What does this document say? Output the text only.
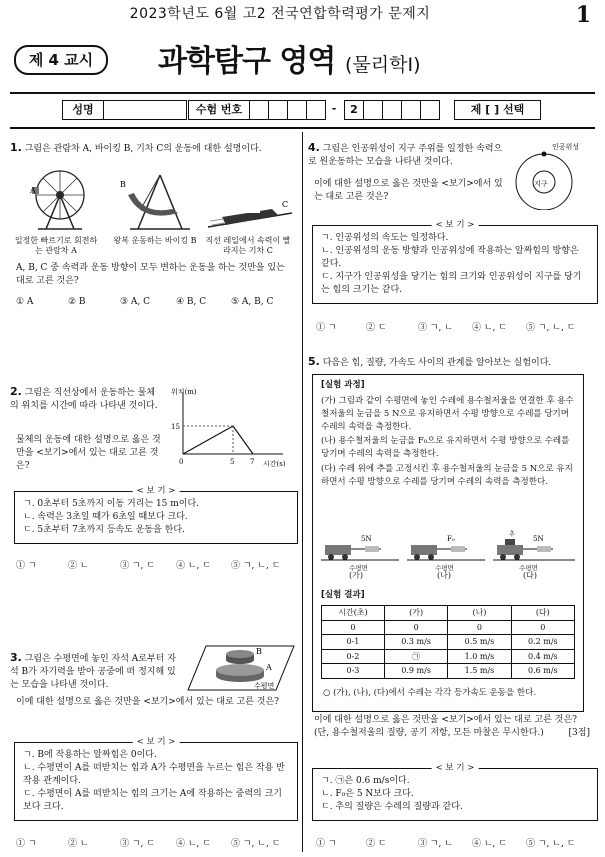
2023학년도 6월 고2 전국연합학력평가 문제지	1
제 4 교시	과학탐구 영역 (물리학Ⅰ)
성명	수험 번호	-	2	제 [ ] 선택
1. 그림은 관람차 A, 바이킹 B, 기차 C의 운동에 대한 설명이다.
A
B
C
일정한 빠르기로 회전하는 관람차 A
왕복 운동하는 바이킹 B	직선 레일에서 속력이 빨라지는 기차 C
A, B, C 중 속력과 운동 방향이 모두 변하는 운동을 하는 것만을 있는 대로 고른 것은?
① A	② B	③ A, C	④ B, C	⑤ A, B, C
2. 그림은 직선상에서 운동하는 물체의 위치를 시간에 따라 나타낸 것이다.
물체의 운동에 대한 설명으로 옳은 것만을 <보기>에서 있는 대로 고른 것은?
위치(m)
시간(s)
15
0	5 7
< 보 기 >

ㄱ. 0초부터 5초까지 이동 거리는 15 m이다.

ㄴ. 속력은 3초일 때가 6초일 때보다 크다.

ㄷ. 5초부터 7초까지 등속도 운동을 한다.

① ㄱ	② ㄴ	③ ㄱ, ㄷ ④ ㄴ, ㄷ ⑤ ㄱ, ㄴ, ㄷ
3. 그림은 수평면에 놓인 자석 A로부터 자석 B가 자기력을 받아 공중에 떠 정지해 있는 모습을 나타낸 것이다.
이에 대한 설명으로 옳은 것만을 <보기>에서 있는 대로 고른 것은?
B
A
수평면
< 보 기 >

ㄱ. B에 작용하는 알짜힘은 0이다.

ㄴ. 수평면이 A를 떠받치는 힘과 A가 수평면을 누르는 힘은 작용 반작용 관계이다.

ㄷ. 수평면이 A를 떠받치는 힘의 크기는 A에 작용하는 중력의 크기보다 크다.

① ㄱ	② ㄴ	③ ㄱ, ㄷ ④ ㄴ, ㄷ ⑤ ㄱ, ㄴ, ㄷ
4. 그림은 인공위성이 지구 주위를 일정한 속력으로 원운동하는 모습을 나타낸 것이다.
이에 대한 설명으로 옳은 것만을 <보기>에서 있는 대로 고른 것은?
지구
인공위성
< 보 기 >

ㄱ. 인공위성의 속도는 일정하다.

ㄴ. 인공위성의 운동 방향과 인공위성에 작용하는 알짜힘의 방향은 같다.

ㄷ. 지구가 인공위성을 당기는 힘의 크기와 인공위성이 지구를 당기는 힘의 크기는 같다.

① ㄱ	② ㄷ	③ ㄱ, ㄴ ④ ㄴ, ㄷ ⑤ ㄱ, ㄴ, ㄷ
5. 다음은 힘, 질량, 가속도 사이의 관계를 알아보는 실험이다.
[실험 과정]

(가) 그림과 같이 수평면에 놓인 수레에 용수철저울을 연결한 후 용수철저울의 눈금을 5 N으로 유지하면서 수평 방향으로 수레를 당기며 수레의 속력을 측정한다.

(나) 용수철저울의 눈금을 F₀으로 유지하면서 수평 방향으로 수레를 당기며 수레의 속력을 측정한다.

(다) 수레 위에 추를 고정시킨 후 용수철저울의 눈금을 5 N으로 유지하면서 수평 방향으로 수레를 당기며 수레의 속력을 측정한다.

5N	F₀	5N
추
수평면	수평면	수평면
(가)	(나)	(다)
[실험 결과]
시간(초)	(가)	(나)	(다)
0	0	0	0
0-1	0.3 m/s	0.5 m/s	0.2 m/s
0-2	㉠	1.0 m/s	0.4 m/s
0-3	0.9 m/s	1.5 m/s	0.6 m/s
○ (가), (나), (다)에서 수레는 각각 등가속도 운동을 한다.
이에 대한 설명으로 옳은 것만을 <보기>에서 있는 대로 고른 것은? (단, 용수철저울의 질량, 공기 저항, 모든 마찰은 무시한다.)	[3점]
< 보 기 >

ㄱ. ㉠은 0.6 m/s이다.

ㄴ. F₀은 5 N보다 크다.

ㄷ. 추의 질량은 수레의 질량과 같다.

① ㄱ	② ㄷ	③ ㄱ, ㄴ ④ ㄴ, ㄷ ⑤ ㄱ, ㄴ, ㄷ
